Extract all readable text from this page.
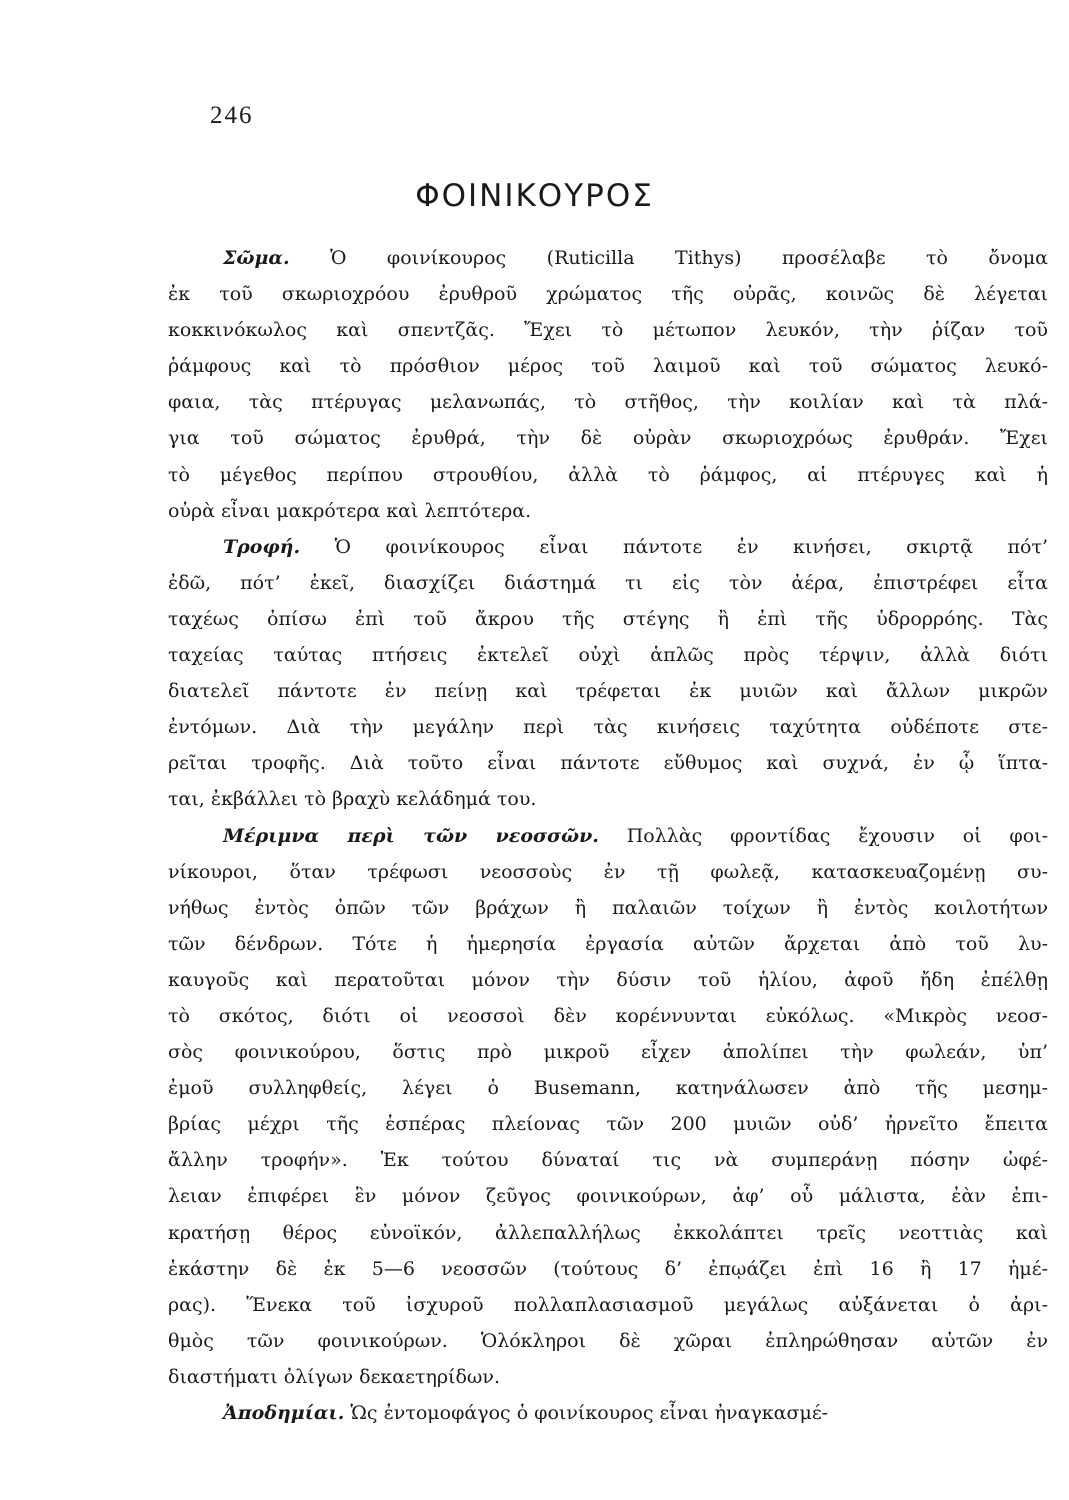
246
ΦΟΙΝΙΚΟΥΡΟΣ
Σῶμα. Ὁ φοινίκουρος (Ruticilla Tithys) προσέλαβε τὸ ὄνομα
ἐκ τοῦ σκωριοχρόου ἐρυθροῦ χρώματος τῆς οὐρᾶς, κοινῶς δὲ λέγεται
κοκκινόκωλος καὶ σπεντζᾶς. Ἔχει τὸ μέτωπον λευκόν, τὴν ῥίζαν τοῦ
ῥάμφους καὶ τὸ πρόσθιον μέρος τοῦ λαιμοῦ καὶ τοῦ σώματος λευκό-
φαια, τὰς πτέρυγας μελανωπάς, τὸ στῆθος, τὴν κοιλίαν καὶ τὰ πλά-
για τοῦ σώματος ἐρυθρά, τὴν δὲ οὐρὰν σκωριοχρόως ἐρυθράν. Ἔχει
τὸ μέγεθος περίπου στρουθίου, ἀλλὰ τὸ ῥάμφος, αἱ πτέρυγες καὶ ἡ
οὐρὰ εἶναι μακρότερα καὶ λεπτότερα.
Τροφή. Ὁ φοινίκουρος εἶναι πάντοτε ἐν κινήσει, σκιρτᾷ πότ’
ἐδῶ, πότ’ ἐκεῖ, διασχίζει διάστημά τι εἰς τὸν ἀέρα, ἐπιστρέφει εἶτα
ταχέως ὀπίσω ἐπὶ τοῦ ἄκρου τῆς στέγης ἢ ἐπὶ τῆς ὑδρορρόης. Τὰς
ταχείας ταύτας πτήσεις ἐκτελεῖ οὐχὶ ἁπλῶς πρὸς τέρψιν, ἀλλὰ διότι
διατελεῖ πάντοτε ἐν πείνῃ καὶ τρέφεται ἐκ μυιῶν καὶ ἄλλων μικρῶν
ἐντόμων. Διὰ τὴν μεγάλην περὶ τὰς κινήσεις ταχύτητα οὐδέποτε στε-
ρεῖται τροφῆς. Διὰ τοῦτο εἶναι πάντοτε εὔθυμος καὶ συχνά, ἐν ᾧ ἵπτα-
ται, ἐκβάλλει τὸ βραχὺ κελάδημά του.
Μέριμνα περὶ τῶν νεοσσῶν. Πολλὰς φροντίδας ἔχουσιν οἱ φοι-
νίκουροι, ὅταν τρέφωσι νεοσσοὺς ἐν τῇ φωλεᾷ, κατασκευαζομένῃ συ-
νήθως ἐντὸς ὀπῶν τῶν βράχων ἢ παλαιῶν τοίχων ἢ ἐντὸς κοιλοτήτων
τῶν δένδρων. Τότε ἡ ἡμερησία ἐργασία αὐτῶν ἄρχεται ἀπὸ τοῦ λυ-
καυγοῦς καὶ περατοῦται μόνον τὴν δύσιν τοῦ ἡλίου, ἀφοῦ ἤδη ἐπέλθῃ
τὸ σκότος, διότι οἱ νεοσσοὶ δὲν κορέννυνται εὐκόλως. «Μικρὸς νεοσ-
σὸς φοινικούρου, ὅστις πρὸ μικροῦ εἶχεν ἀπολίπει τὴν φωλεάν, ὑπ’
ἐμοῦ συλληφθείς, λέγει ὁ Busemann, κατηνάλωσεν ἀπὸ τῆς μεσημ-
βρίας μέχρι τῆς ἑσπέρας πλείονας τῶν 200 μυιῶν οὐδ’ ἠρνεῖτο ἔπειτα
ἄλλην τροφήν». Ἐκ τούτου δύναταί τις νὰ συμπεράνῃ πόσην ὠφέ-
λειαν ἐπιφέρει ἓν μόνον ζεῦγος φοινικούρων, ἀφ’ οὗ μάλιστα, ἐὰν ἐπι-
κρατήσῃ θέρος εὐνοϊκόν, ἀλλεπαλλήλως ἐκκολάπτει τρεῖς νεοττιὰς καὶ
ἑκάστην δὲ ἐκ 5—6 νεοσσῶν (τούτους δ’ ἐπῳάζει ἐπὶ 16 ἢ 17 ἡμέ-
ρας). Ἕνεκα τοῦ ἰσχυροῦ πολλαπλασιασμοῦ μεγάλως αὐξάνεται ὁ ἀρι-
θμὸς τῶν φοινικούρων. Ὁλόκληροι δὲ χῶραι ἐπληρώθησαν αὐτῶν ἐν
διαστήματι ὀλίγων δεκαετηρίδων.
Ἀποδημίαι. Ὡς ἐντομοφάγος ὁ φοινίκουρος εἶναι ἠναγκασμέ-
